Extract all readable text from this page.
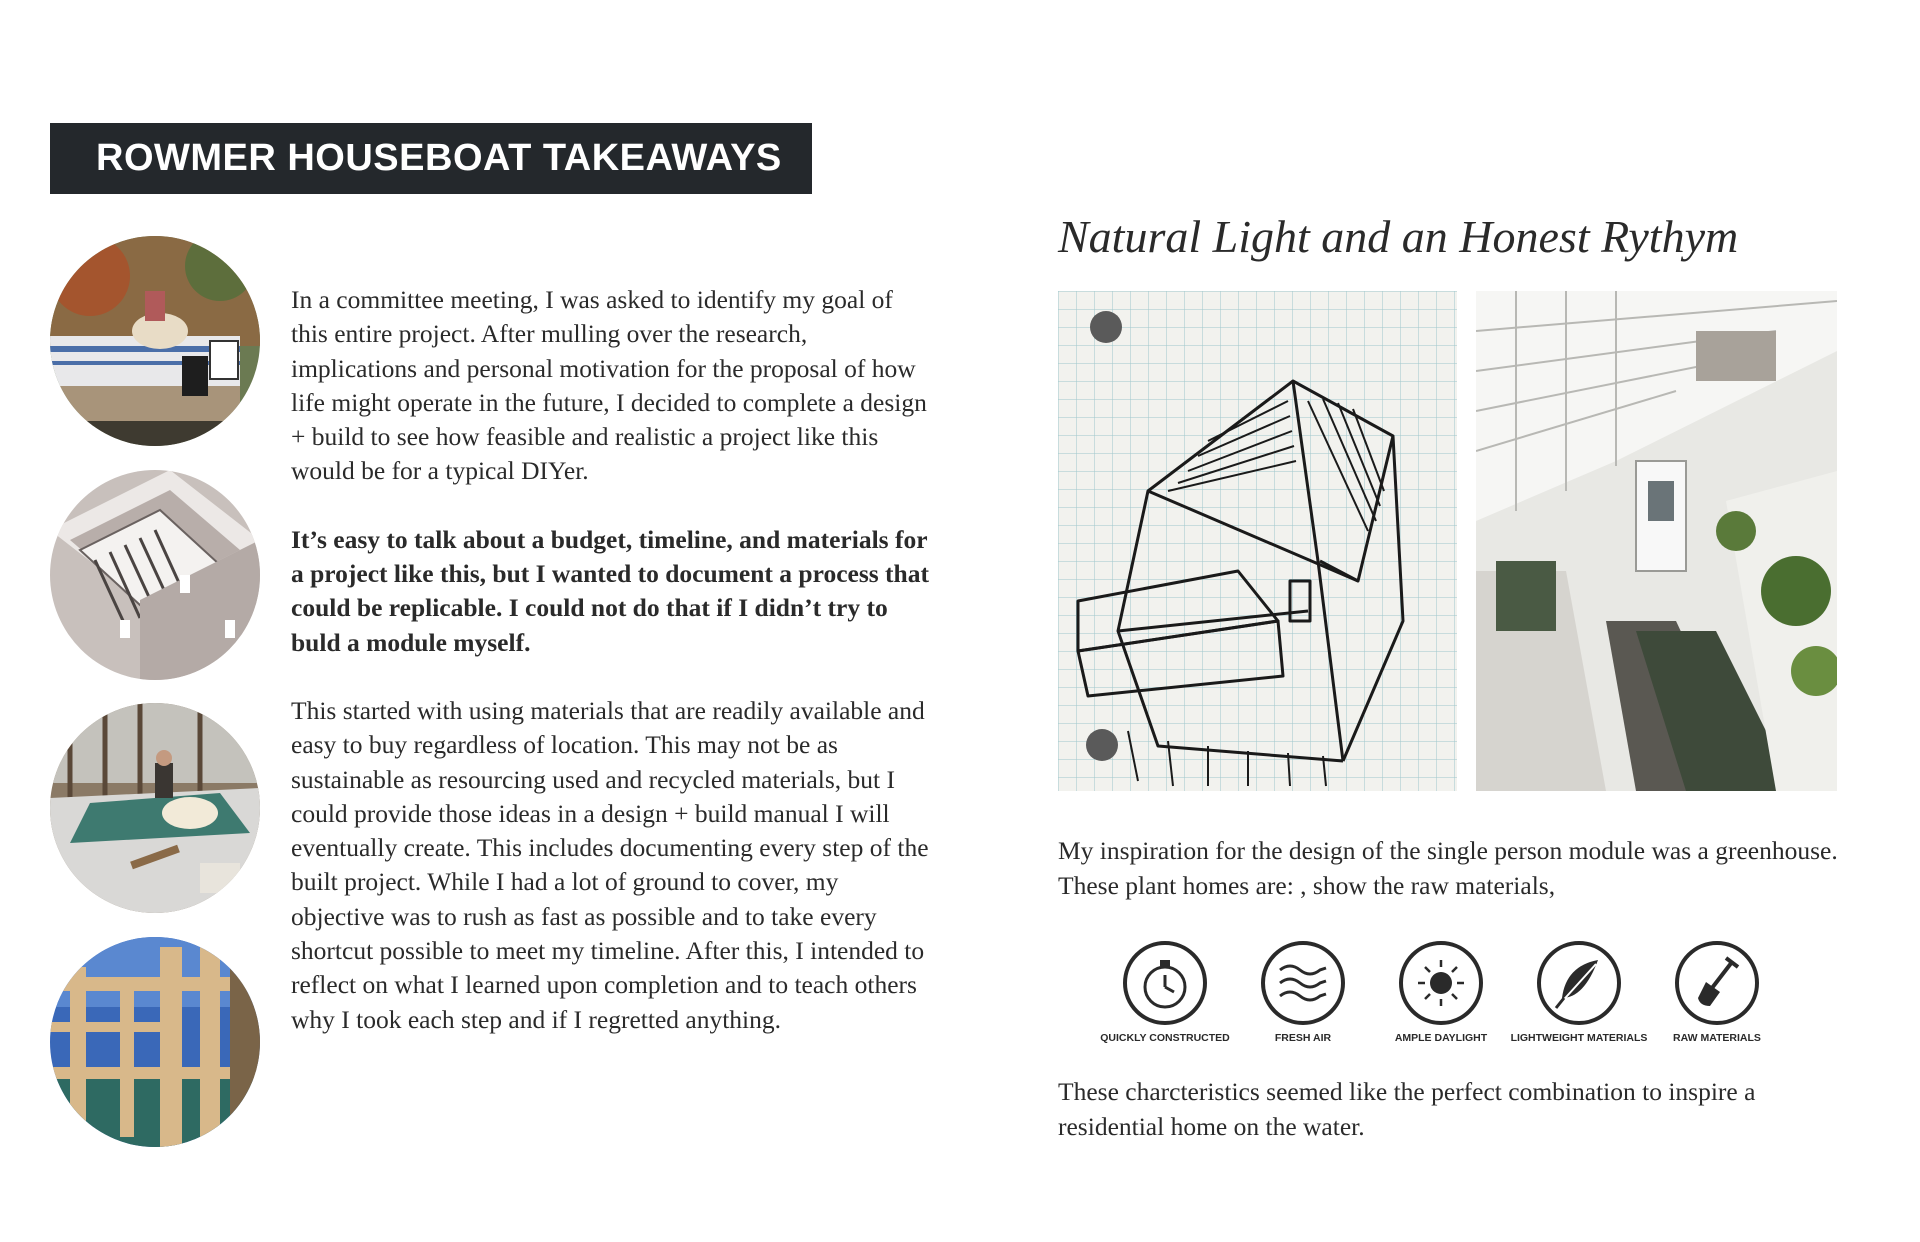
ROWMER HOUSEBOAT TAKEAWAYS

In a committee meeting, I was asked to identify my goal of this entire project. After mulling over the research, implications and personal motivation for the proposal of how life might operate in the future, I decided to complete a design + build to see how feasible and realistic a project like this would be for a typical DIYer.

It’s easy to talk about a budget, timeline, and materials for a project like this, but I wanted to document a process that could be replicable. I could not do that if I didn’t try to buld a module myself.

This started with using materials that are readily available and easy to buy regardless of location. This may not be as sustainable as resourcing used and recycled materials, but I could provide those ideas in a design + build manual I will eventually create. This includes documenting every step of the built project. While I had a lot of ground to cover, my objective was to rush as fast as possible and to take every shortcut possible to meet my timeline. After this, I intended to reflect on what I learned upon completion and to teach others why I took each step and if I regretted anything.

Natural Light and an Honest Rythym
My inspiration for the design of the single person module was a greenhouse. These plant homes are: , show the raw materials,
QUICKLY CONSTRUCTED	FRESH AIR	AMPLE DAYLIGHT	LIGHTWEIGHT MATERIALS	RAW MATERIALS
These charcteristics seemed like the perfect combination to inspire a residential home on the water.
